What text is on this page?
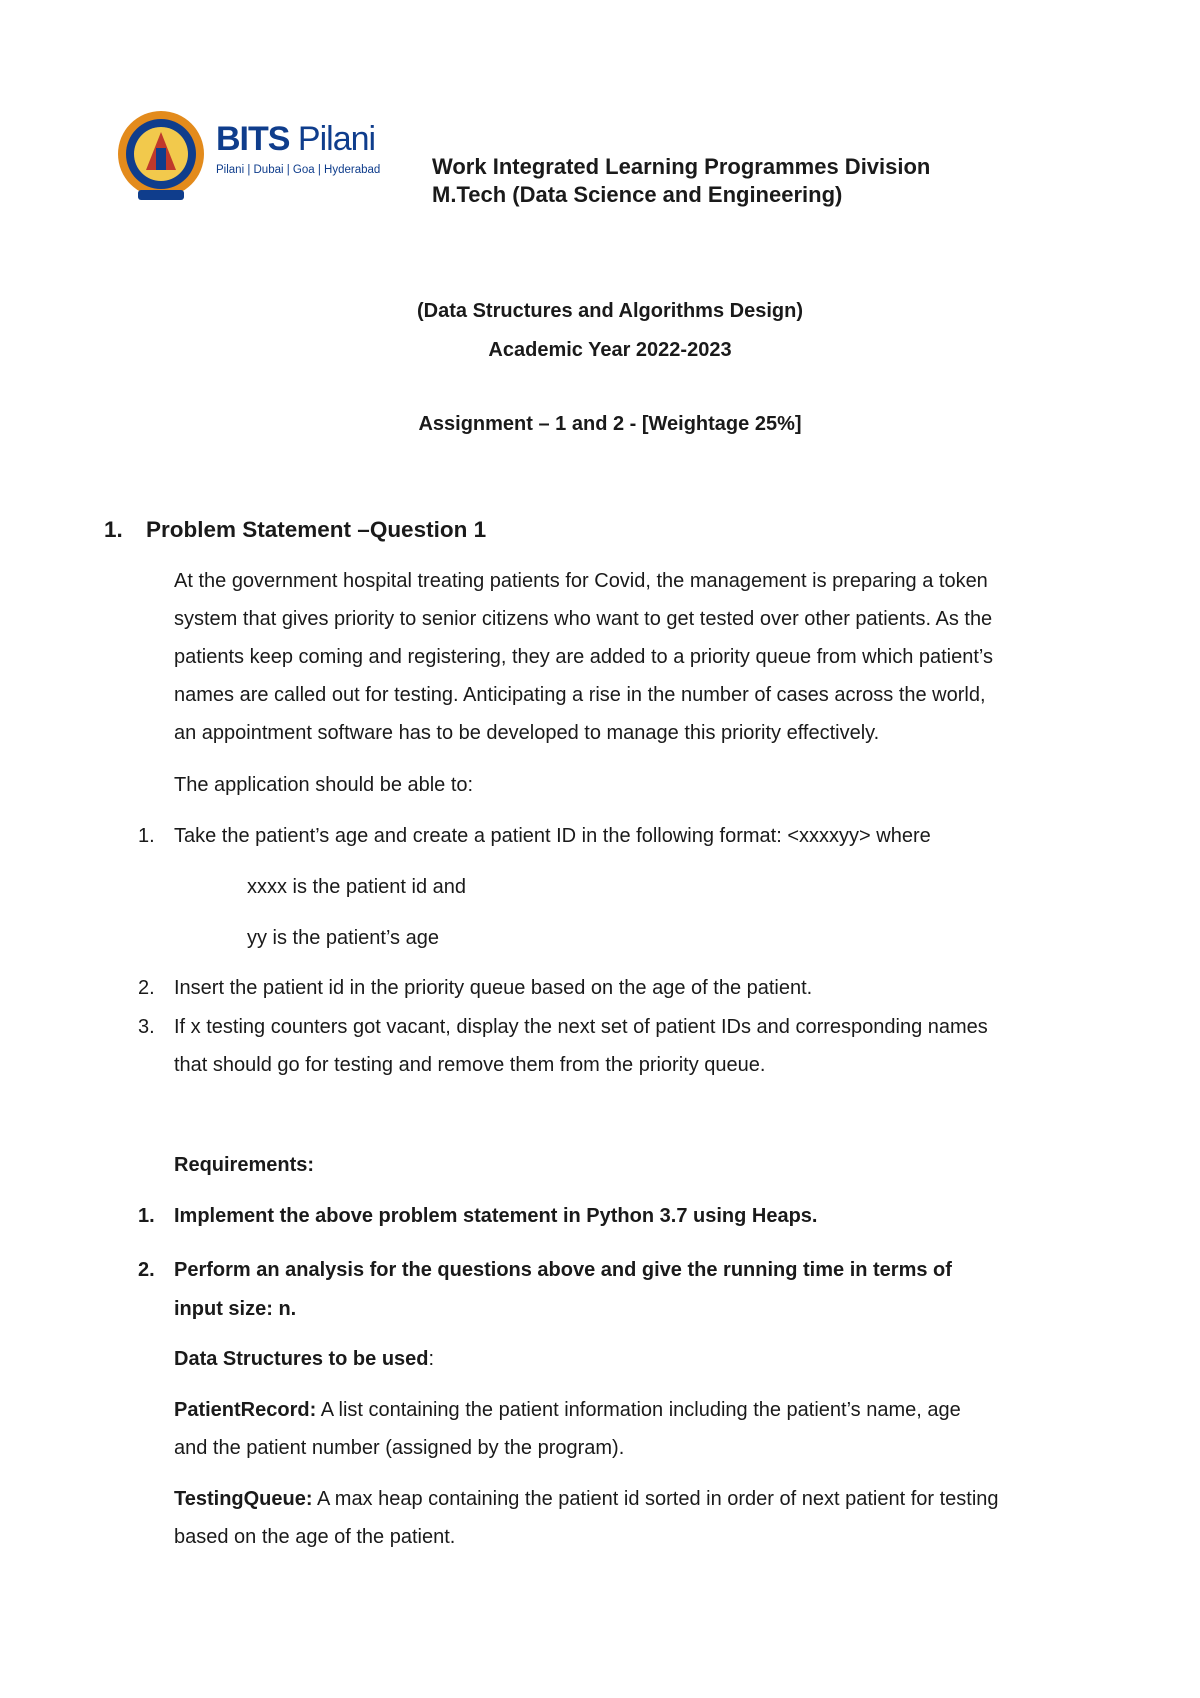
BITS Pilani
Pilani | Dubai | Goa | Hyderabad Work Integrated Learning Programmes Division
M.Tech (Data Science and Engineering)
(Data Structures and Algorithms Design)
Academic Year 2022-2023
Assignment – 1 and 2 - [Weightage 25%]
1. Problem Statement –Question 1
At the government hospital treating patients for Covid, the management is preparing a token
system that gives priority to senior citizens who want to get tested over other patients. As the
patients keep coming and registering, they are added to a priority queue from which patient’s
names are called out for testing. Anticipating a rise in the number of cases across the world,
an appointment software has to be developed to manage this priority effectively.
The application should be able to:
1. Take the patient’s age and create a patient ID in the following format: <xxxxyy> where
xxxx is the patient id and
yy is the patient’s age
2. Insert the patient id in the priority queue based on the age of the patient.
3. If x testing counters got vacant, display the next set of patient IDs and corresponding names
that should go for testing and remove them from the priority queue.
Requirements:
1. Implement the above problem statement in Python 3.7 using Heaps.
2. Perform an analysis for the questions above and give the running time in terms of
input size: n.
Data Structures to be used:
PatientRecord: A list containing the patient information including the patient’s name, age
and the patient number (assigned by the program).
TestingQueue: A max heap containing the patient id sorted in order of next patient for testing
based on the age of the patient.
